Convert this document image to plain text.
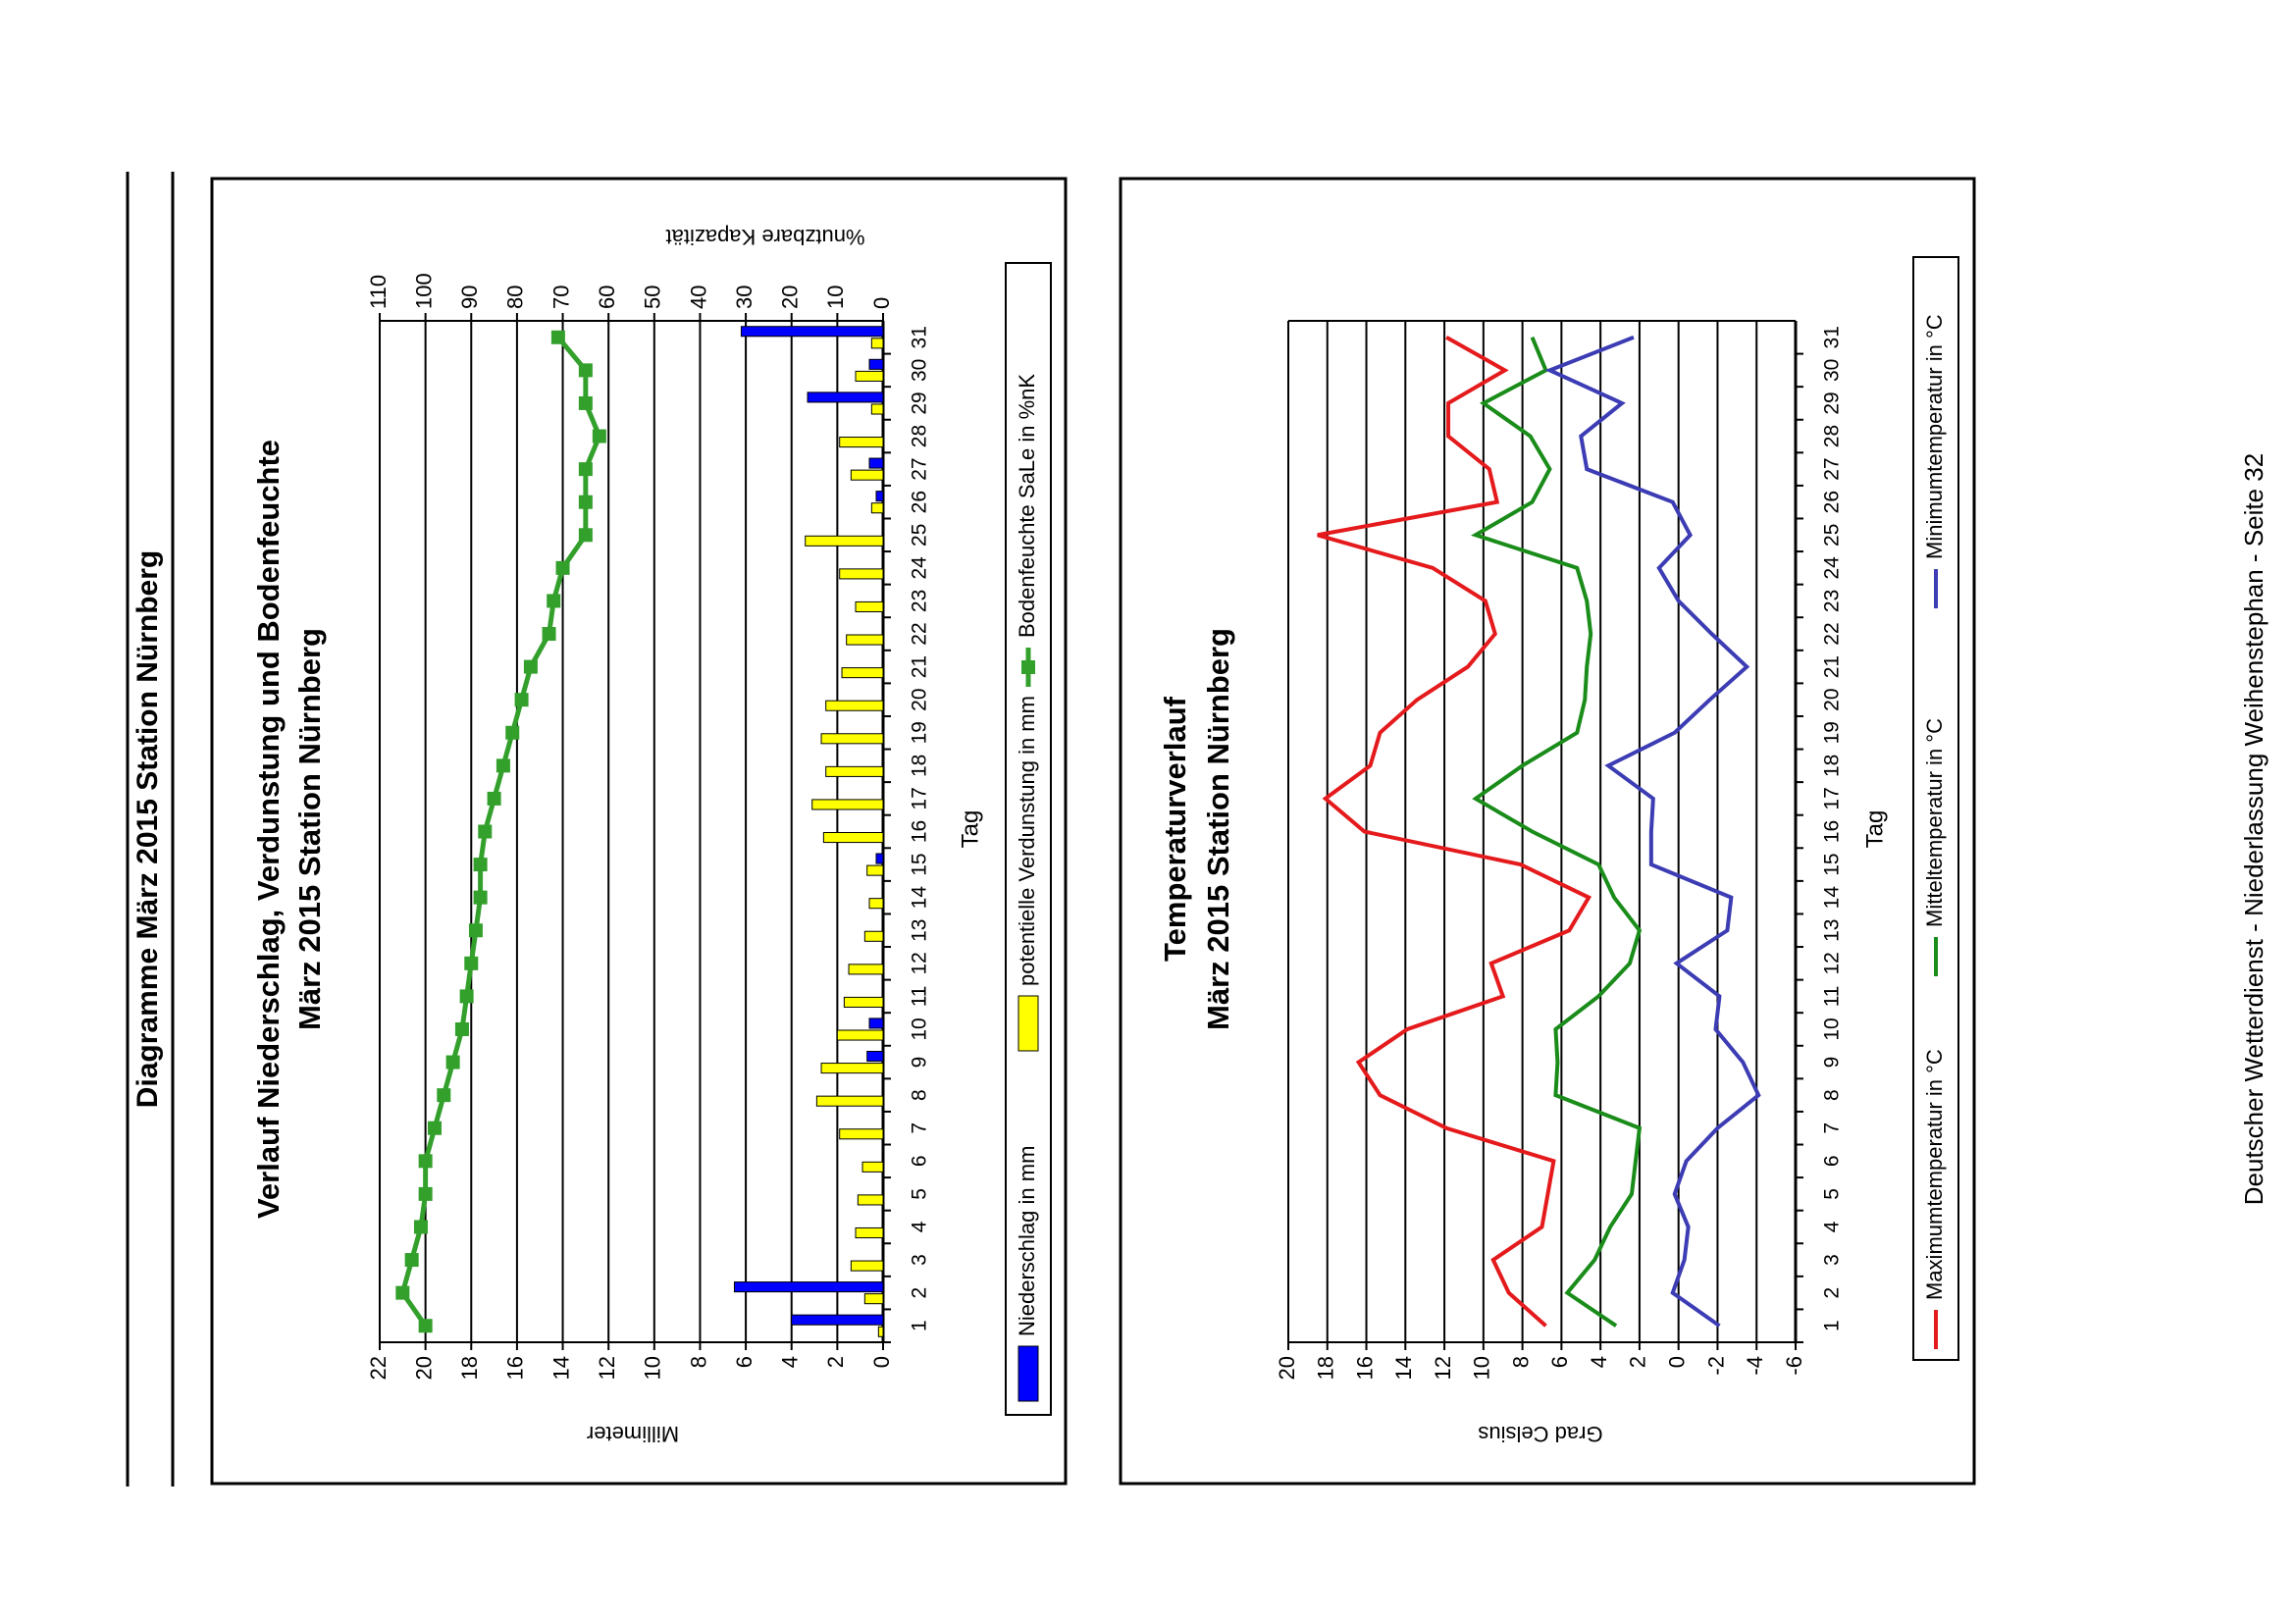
Diagramme März 2015 Station Nürnberg	Deutscher Wetterdienst - Niederlassung Weihenstephan - Seite 32
0
2
4
6
8
10
12
14
16
18
20
22
0
10
20
30
40
50
60
70
80
90
100
110
1
2
3
4
5
6
7
8
9
10
11
12
13
14
15
16
17
18
19
20
21
22
23
24
25
26
27
28
29
30
31
Verlauf Niederschlag, Verdunstung und Bodenfeuchte März 2015 Station Nürnberg
%nutzbare Kapazität
Millimeter
Tag
Niederschlag in mm
potentielle Verdunstung in mm
Bodenfeuchte SaLe in %nK
-6
-4
-2
0
2
4
6
8
10
12
14
16
18
20
1
2
3
4
5
6
7
8
9
10
11
12
13
14
15
16
17
18
19
20
21
22
23
24
25
26
27
28
29
30
31
Temperaturverlauf März 2015 Station Nürnberg
Grad Celsius
Tag
Maximumtemperatur in °C
Mitteltemperatur in °C
Minimumtemperatur in °C
